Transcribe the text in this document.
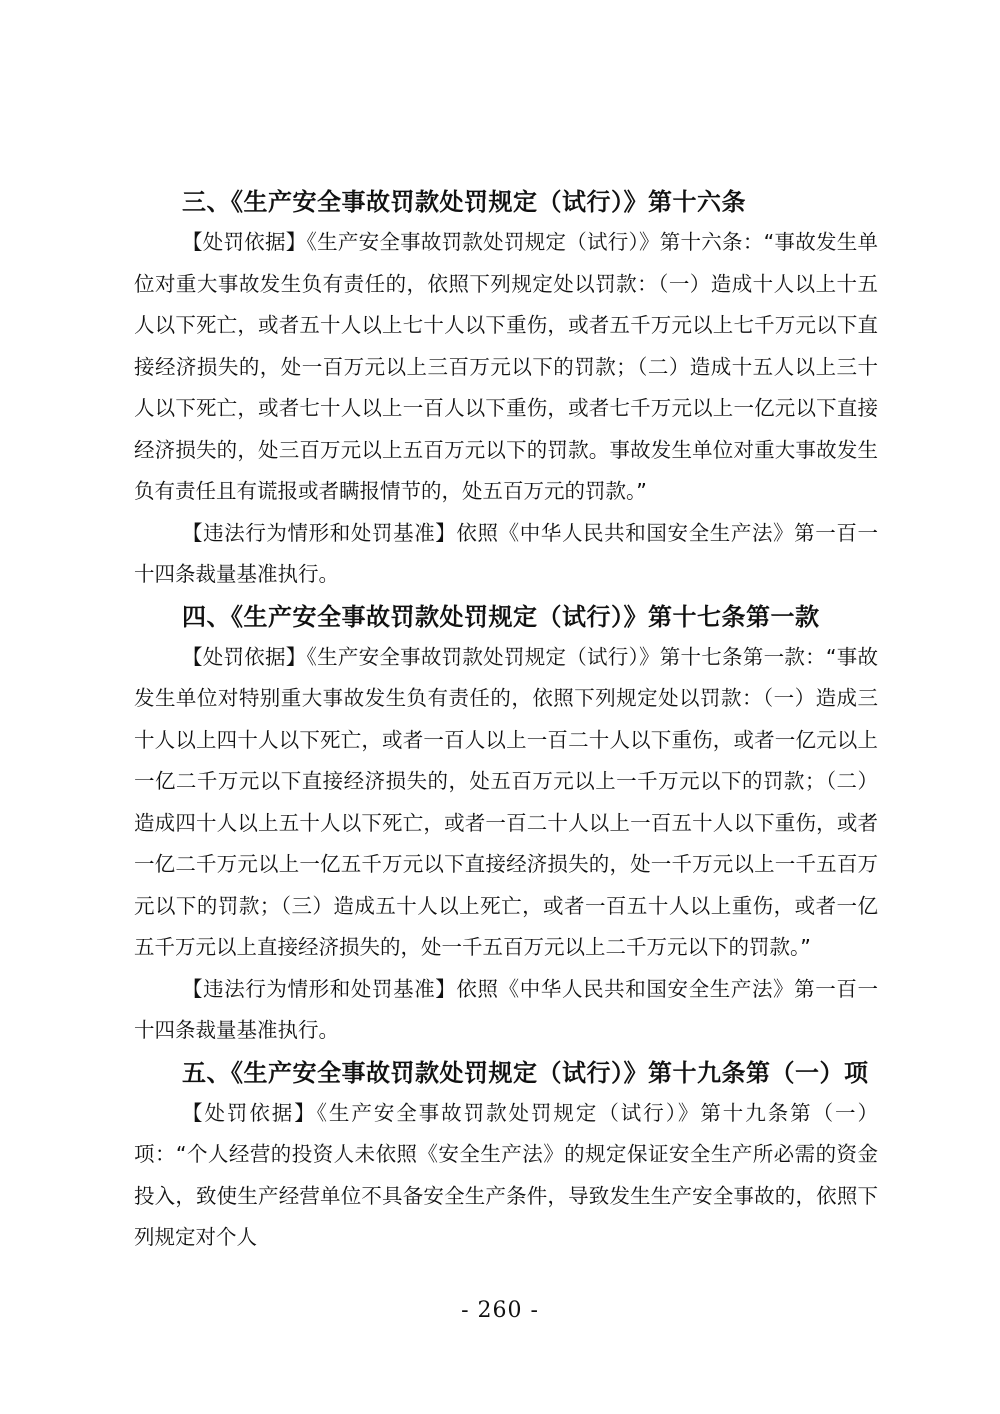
三、《生产安全事故罚款处罚规定（试行）》第十六条

【处罚依据】《生产安全事故罚款处罚规定（试行）》第十六条：“事故发生单位对重大事故发生负有责任的，依照下列规定处以罚款：（一）造成十人以上十五人以下死亡，或者五十人以上七十人以下重伤，或者五千万元以上七千万元以下直接经济损失的，处一百万元以上三百万元以下的罚款；（二）造成十五人以上三十人以下死亡，或者七十人以上一百人以下重伤，或者七千万元以上一亿元以下直接经济损失的，处三百万元以上五百万元以下的罚款。事故发生单位对重大事故发生负有责任且有谎报或者瞒报情节的，处五百万元的罚款。”

【违法行为情形和处罚基准】依照《中华人民共和国安全生产法》第一百一十四条裁量基准执行。

四、《生产安全事故罚款处罚规定（试行）》第十七条第一款

【处罚依据】《生产安全事故罚款处罚规定（试行）》第十七条第一款：“事故发生单位对特别重大事故发生负有责任的，依照下列规定处以罚款：（一）造成三十人以上四十人以下死亡，或者一百人以上一百二十人以下重伤，或者一亿元以上一亿二千万元以下直接经济损失的，处五百万元以上一千万元以下的罚款；（二）造成四十人以上五十人以下死亡，或者一百二十人以上一百五十人以下重伤，或者一亿二千万元以上一亿五千万元以下直接经济损失的，处一千万元以上一千五百万元以下的罚款；（三）造成五十人以上死亡，或者一百五十人以上重伤，或者一亿五千万元以上直接经济损失的，处一千五百万元以上二千万元以下的罚款。”

【违法行为情形和处罚基准】依照《中华人民共和国安全生产法》第一百一十四条裁量基准执行。

五、《生产安全事故罚款处罚规定（试行）》第十九条第（一）项

【处罚依据】《生产安全事故罚款处罚规定（试行）》第十九条第（一）项：“个人经营的投资人未依照《安全生产法》的规定保证安全生产所必需的资金投入，致使生产经营单位不具备安全生产条件，导致发生生产安全事故的，依照下列规定对个人

- 260 -
